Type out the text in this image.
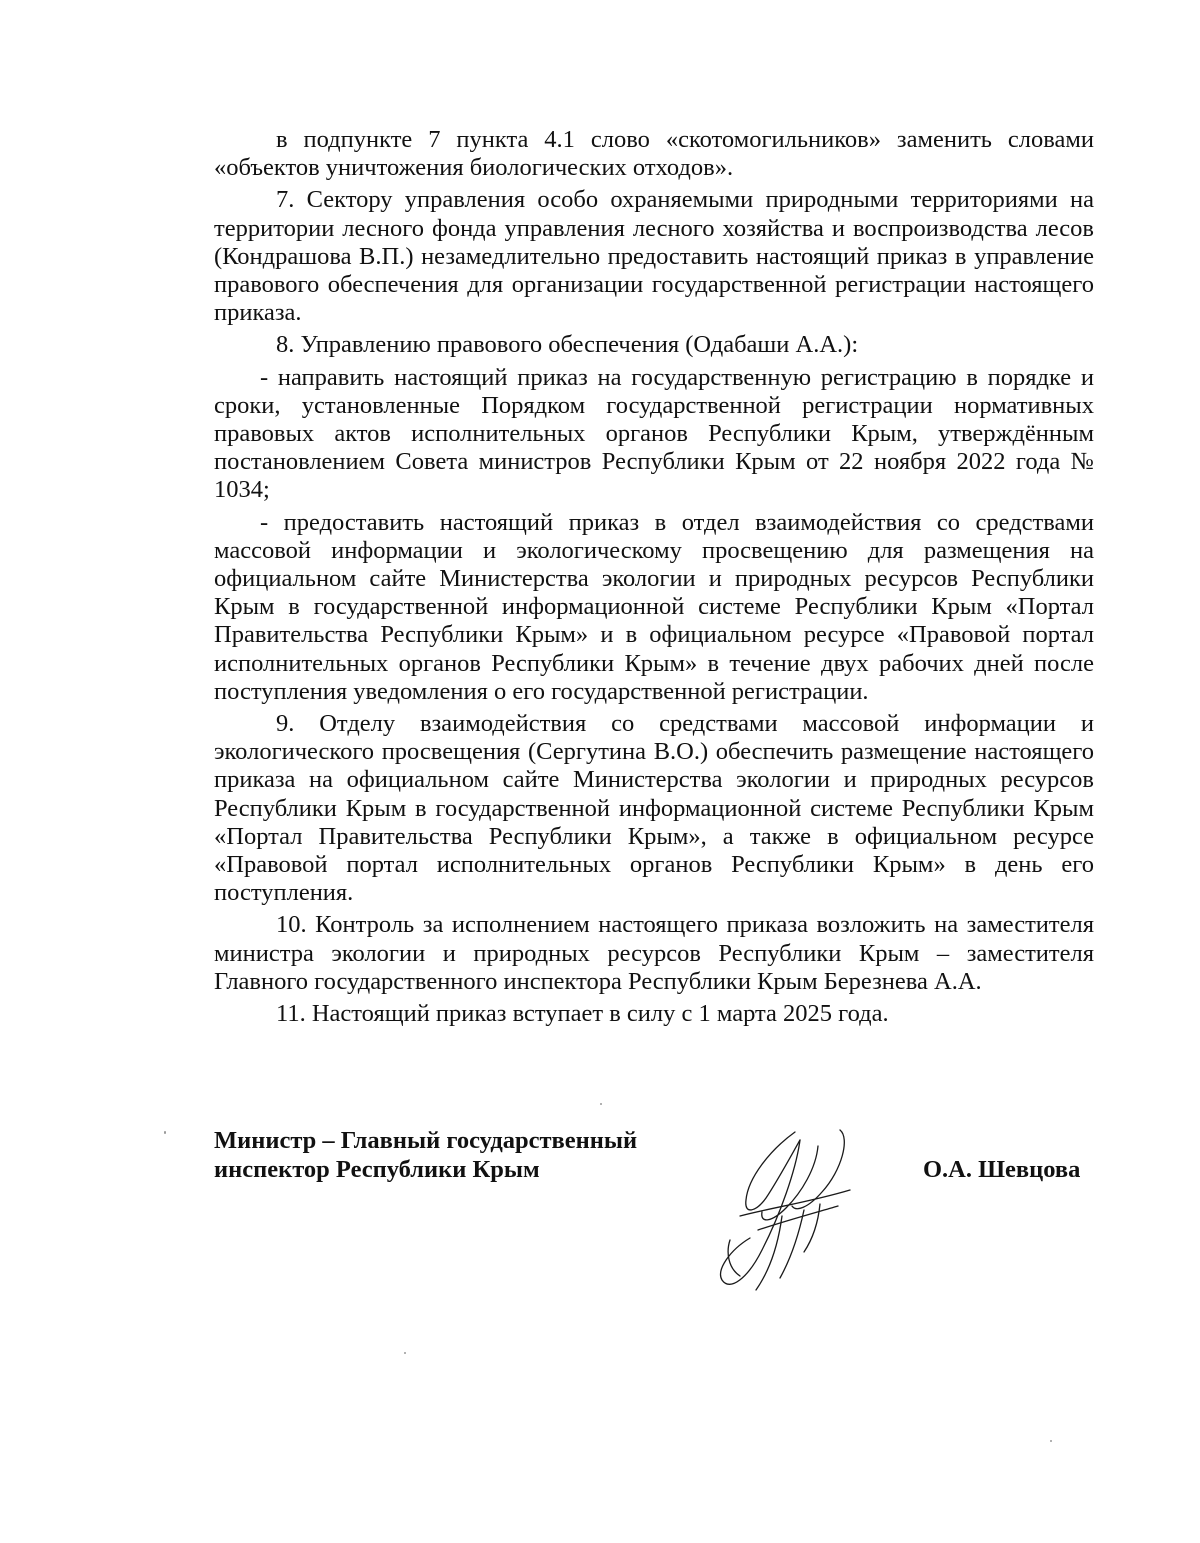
в подпункте 7 пункта 4.1 слово «скотомогильников» заменить словами «объектов уничтожения биологических отходов».

7. Сектору управления особо охраняемыми природными территориями на территории лесного фонда управления лесного хозяйства и воспроизводства лесов (Кондрашова В.П.) незамедлительно предоставить настоящий приказ в управление правового обеспечения для организации государственной регистрации настоящего приказа.

8. Управлению правового обеспечения (Одабаши А.А.):

- направить настоящий приказ на государственную регистрацию в порядке и сроки, установленные Порядком государственной регистрации нормативных правовых актов исполнительных органов Республики Крым, утверждённым постановлением Совета министров Республики Крым от 22 ноября 2022 года № 1034;

- предоставить настоящий приказ в отдел взаимодействия со средствами массовой информации и экологическому просвещению для размещения на официальном сайте Министерства экологии и природных ресурсов Республики Крым в государственной информационной системе Республики Крым «Портал Правительства Республики Крым» и в официальном ресурсе «Правовой портал исполнительных органов Республики Крым» в течение двух рабочих дней после поступления уведомления о его государственной регистрации.

9. Отделу взаимодействия со средствами массовой информации и экологического просвещения (Сергутина В.О.) обеспечить размещение настоящего приказа на официальном сайте Министерства экологии и природных ресурсов Республики Крым в государственной информационной системе Республики Крым «Портал Правительства Республики Крым», а также в официальном ресурсе «Правовой портал исполнительных органов Республики Крым» в день его поступления.

10. Контроль за исполнением настоящего приказа возложить на заместителя министра экологии и природных ресурсов Республики Крым – заместителя Главного государственного инспектора Республики Крым Березнева А.А.

11. Настоящий приказ вступает в силу с 1 марта 2025 года.

Министр – Главный государственный
инспектор Республики Крым	О.А. Шевцова
